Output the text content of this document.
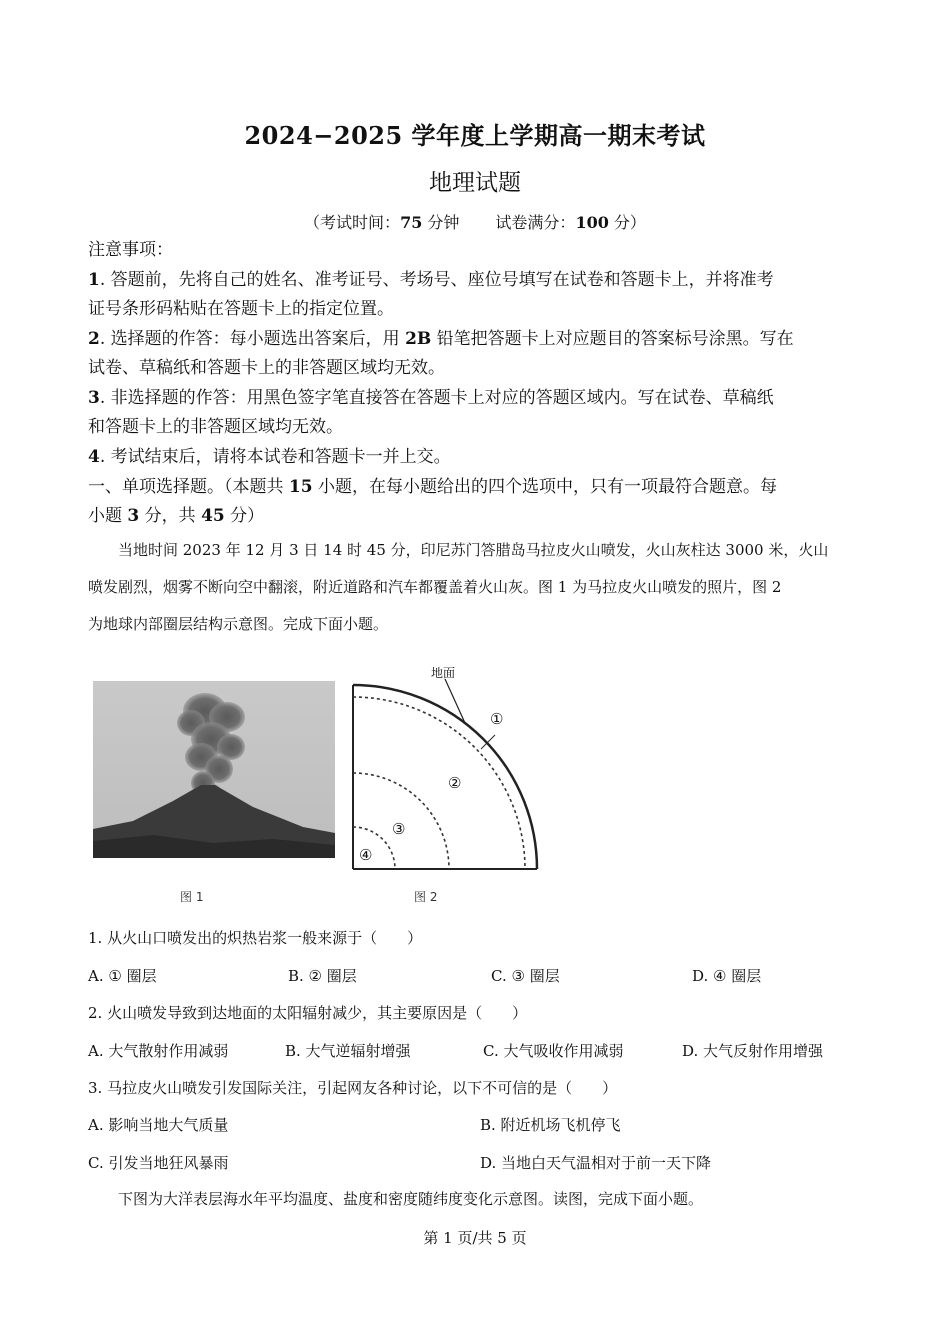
2024−2025 学年度上学期高一期末考试
地理试题
（考试时间：75 分钟 试卷满分：100 分）
注意事项：
1. 答题前，先将自己的姓名、准考证号、考场号、座位号填写在试卷和答题卡上，并将准考
证号条形码粘贴在答题卡上的指定位置。
2. 选择题的作答：每小题选出答案后，用 2B 铅笔把答题卡上对应题目的答案标号涂黑。写在
试卷、草稿纸和答题卡上的非答题区域均无效。
3. 非选择题的作答：用黑色签字笔直接答在答题卡上对应的答题区域内。写在试卷、草稿纸
和答题卡上的非答题区域均无效。
4. 考试结束后，请将本试卷和答题卡一并上交。
一、单项选择题。（本题共 15 小题，在每小题给出的四个选项中，只有一项最符合题意。每
小题 3 分，共 45 分）
当地时间 2023 年 12 月 3 日 14 时 45 分，印尼苏门答腊岛马拉皮火山喷发，火山灰柱达 3000 米，火山
喷发剧烈，烟雾不断向空中翻滚，附近道路和汽车都覆盖着火山灰。图 1 为马拉皮火山喷发的照片，图 2
为地球内部圈层结构示意图。完成下面小题。
图 1
地面
①
②
③
④
图 2
1. 从火山口喷发出的炽热岩浆一般来源于（　　）
A. ① 圈层	B. ② 圈层	C. ③ 圈层	D. ④ 圈层
2. 火山喷发导致到达地面的太阳辐射减少，其主要原因是（　　）
A. 大气散射作用减弱	B. 大气逆辐射增强	C. 大气吸收作用减弱	D. 大气反射作用增强
3. 马拉皮火山喷发引发国际关注，引起网友各种讨论，以下不可信的是（　　）
A. 影响当地大气质量	B. 附近机场飞机停飞
C. 引发当地狂风暴雨	D. 当地白天气温相对于前一天下降
下图为大洋表层海水年平均温度、盐度和密度随纬度变化示意图。读图，完成下面小题。
第 1 页/共 5 页
